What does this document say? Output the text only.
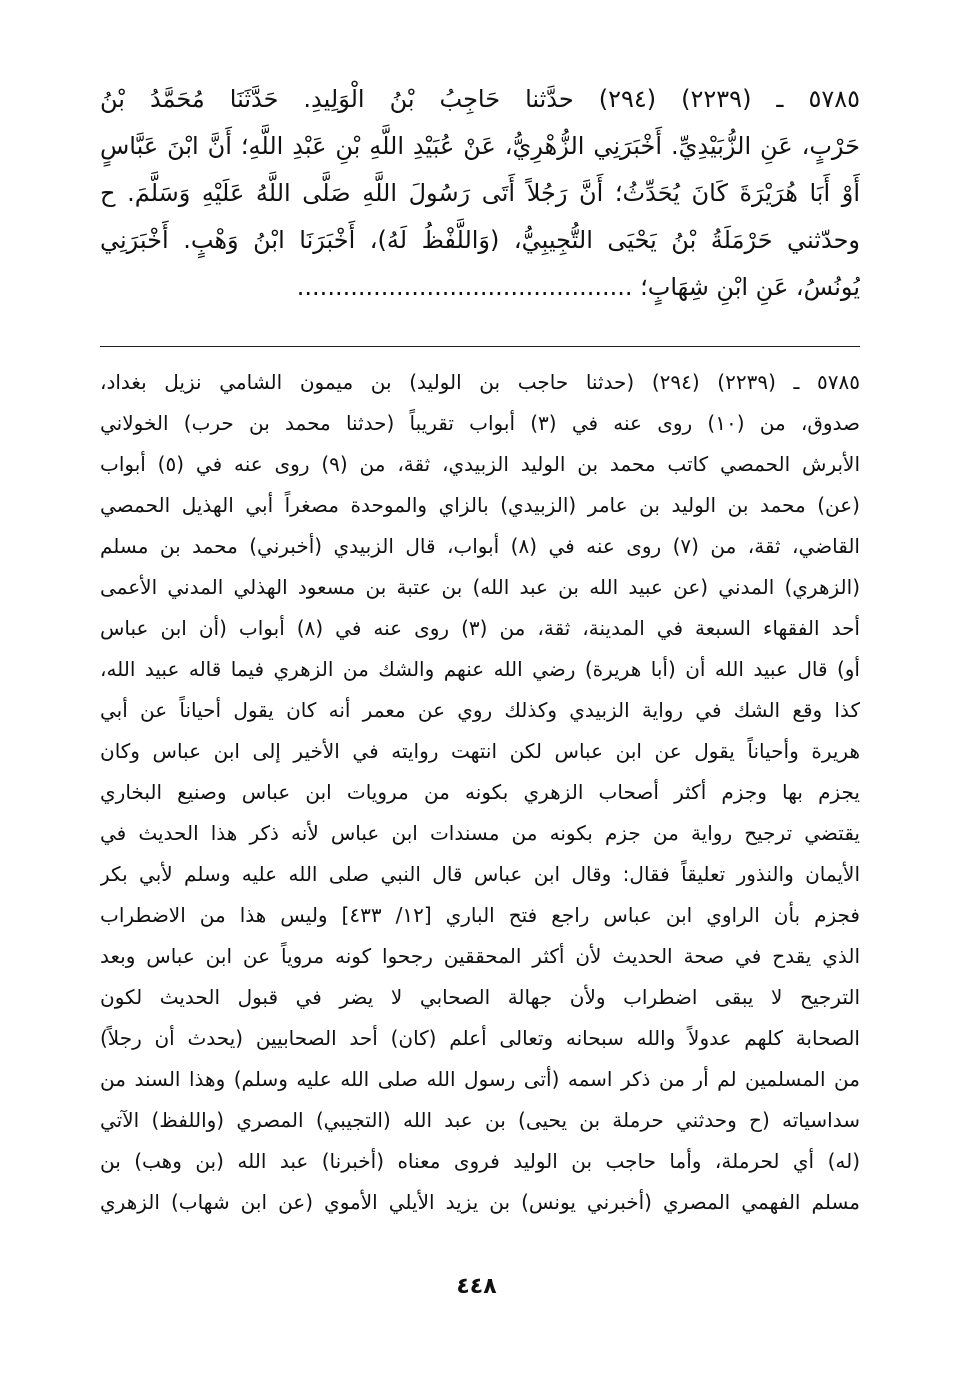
٥٧٨٥ ـ (٢٢٣٩) (٢٩٤) حدَّثنا حَاجِبُ بْنُ الْوَلِيدِ. حَدَّثَنَا مُحَمَّدُ بْنُ
حَرْبٍ، عَنِ الزُّبَيْدِيِّ. أَخْبَرَنِي الزُّهْرِيُّ، عَنْ عُبَيْدِ اللَّهِ بْنِ عَبْدِ اللَّهِ؛ أَنَّ ابْنَ عَبَّاسٍ
أَوْ أَبَا هُرَيْرَةَ كَانَ يُحَدِّثُ؛ أَنَّ رَجُلاً أَتَى رَسُولَ اللَّهِ صَلَّى اللَّهُ عَلَيْهِ وَسَلَّمَ. ح
وحدّثني حَرْمَلَةُ بْنُ يَحْيَى التُّجِيبِيُّ، (وَاللَّفْظُ لَهُ)، أَخْبَرَنَا ابْنُ وَهْبٍ. أَخْبَرَنِي
يُونُسُ، عَنِ ابْنِ شِهَابٍ؛ ............................................
٥٧٨٥ ـ (٢٢٣٩) (٢٩٤) (حدثنا حاجب بن الوليد) بن ميمون الشامي نزيل بغداد،
صدوق، من (١٠) روى عنه في (٣) أبواب تقريباً (حدثنا محمد بن حرب) الخولاني
الأبرش الحمصي كاتب محمد بن الوليد الزبيدي، ثقة، من (٩) روى عنه في (٥) أبواب
(عن) محمد بن الوليد بن عامر (الزبيدي) بالزاي والموحدة مصغراً أبي الهذيل الحمصي
القاضي، ثقة، من (٧) روى عنه في (٨) أبواب، قال الزبيدي (أخبرني) محمد بن مسلم
(الزهري) المدني (عن عبيد الله بن عبد الله) بن عتبة بن مسعود الهذلي المدني الأعمى
أحد الفقهاء السبعة في المدينة، ثقة، من (٣) روى عنه في (٨) أبواب (أن ابن عباس
أو) قال عبيد الله أن (أبا هريرة) رضي الله عنهم والشك من الزهري فيما قاله عبيد الله،
كذا وقع الشك في رواية الزبيدي وكذلك روي عن معمر أنه كان يقول أحياناً عن أبي
هريرة وأحياناً يقول عن ابن عباس لكن انتهت روايته في الأخير إلى ابن عباس وكان
يجزم بها وجزم أكثر أصحاب الزهري بكونه من مرويات ابن عباس وصنيع البخاري
يقتضي ترجيح رواية من جزم بكونه من مسندات ابن عباس لأنه ذكر هذا الحديث في
الأيمان والنذور تعليقاً فقال: وقال ابن عباس قال النبي صلى الله عليه وسلم لأبي بكر
فجزم بأن الراوي ابن عباس راجع فتح الباري [١٢/ ٤٣٣] وليس هذا من الاضطراب
الذي يقدح في صحة الحديث لأن أكثر المحققين رجحوا كونه مروياً عن ابن عباس وبعد
الترجيح لا يبقى اضطراب ولأن جهالة الصحابي لا يضر في قبول الحديث لكون
الصحابة كلهم عدولاً والله سبحانه وتعالى أعلم (كان) أحد الصحابيين (يحدث أن رجلاً)
من المسلمين لم أر من ذكر اسمه (أتى رسول الله صلى الله عليه وسلم) وهذا السند من
سداسياته (ح وحدثني حرملة بن يحيى) بن عبد الله (التجيبي) المصري (واللفظ) الآتي
(له) أي لحرملة، وأما حاجب بن الوليد فروى معناه (أخبرنا) عبد الله (بن وهب) بن
مسلم الفهمي المصري (أخبرني يونس) بن يزيد الأيلي الأموي (عن ابن شهاب) الزهري
٤٤٨
